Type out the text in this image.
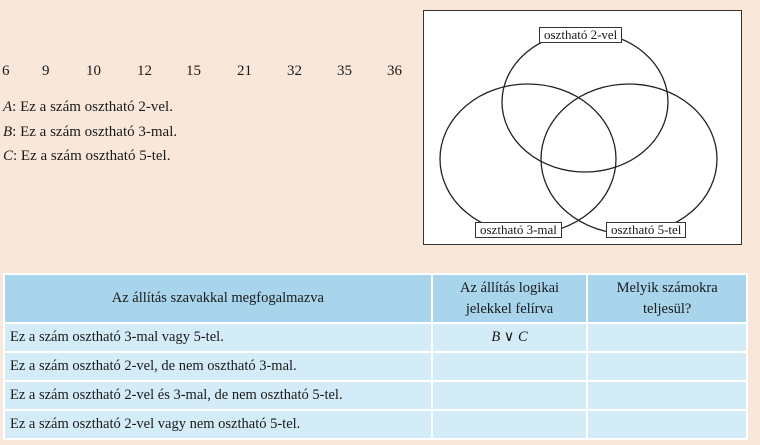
6 9 10 12 15 21 32 35 36
A: Ez a szám osztható 2-vel.
B: Ez a szám osztható 3-mal.
C: Ez a szám osztható 5-tel.
osztható 2-vel
osztható 3-mal	osztható 5-tel
Az állítás szavakkal megfogalmazva	Az állítás logikai jelekkel felírva	Melyik számokra teljesül?
Ez a szám osztható 3-mal vagy 5-tel.	B ∨ C	
Ez a szám osztható 2-vel, de nem osztható 3-mal.		
Ez a szám osztható 2-vel és 3-mal, de nem osztható 5-tel.		
Ez a szám osztható 2-vel vagy nem osztható 5-tel.		
